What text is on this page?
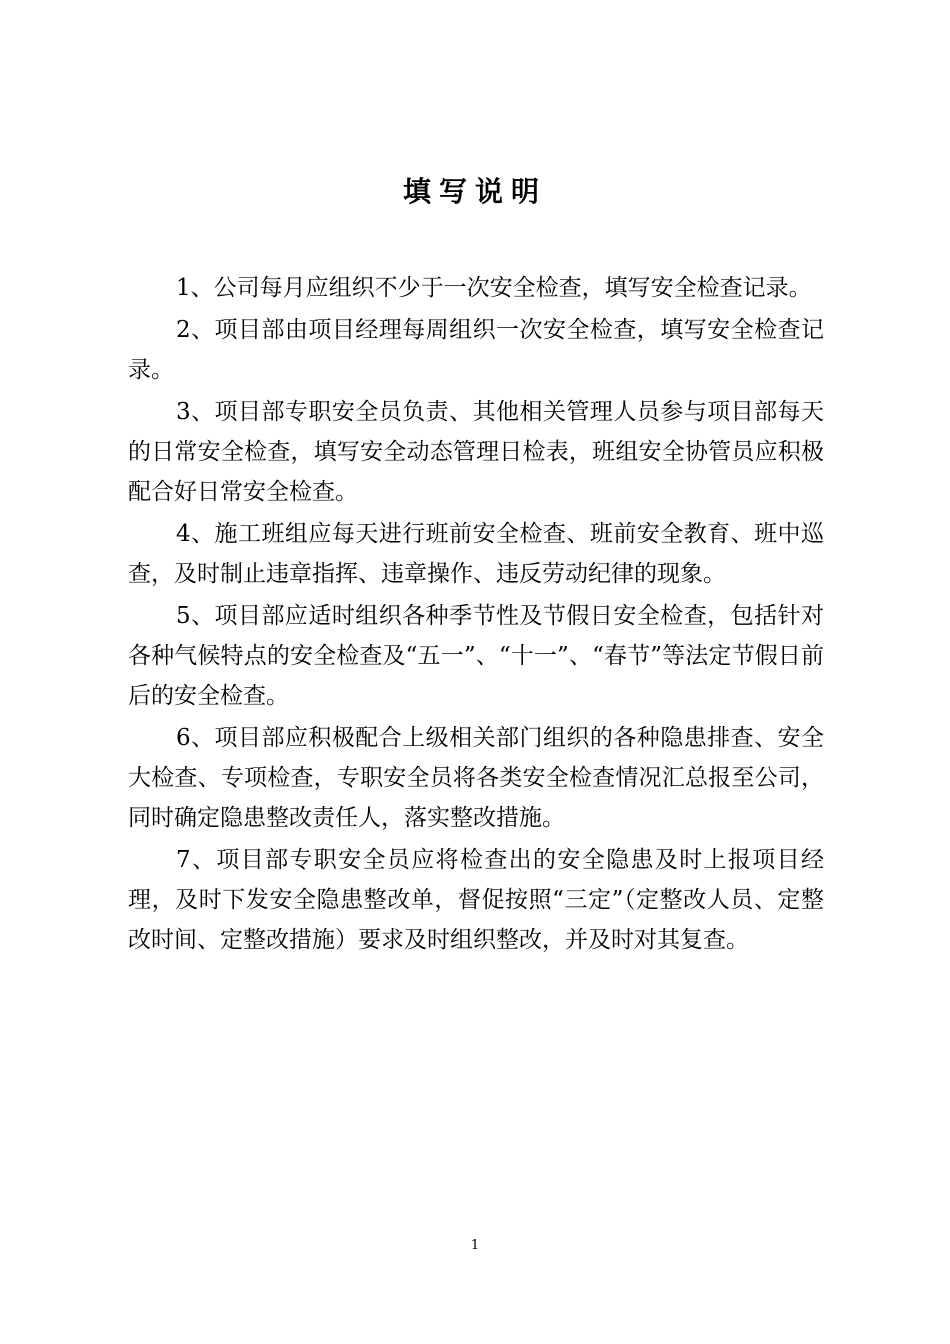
填写说明

1、公司每月应组织不少于一次安全检查，填写安全检查记录。

2、项目部由项目经理每周组织一次安全检查，填写安全检查记录。

3、项目部专职安全员负责、其他相关管理人员参与项目部每天的日常安全检查，填写安全动态管理日检表，班组安全协管员应积极配合好日常安全检查。

4、施工班组应每天进行班前安全检查、班前安全教育、班中巡查，及时制止违章指挥、违章操作、违反劳动纪律的现象。

5、项目部应适时组织各种季节性及节假日安全检查，包括针对各种气候特点的安全检查及“五一”、“十一”、“春节”等法定节假日前后的安全检查。

6、项目部应积极配合上级相关部门组织的各种隐患排查、安全大检查、专项检查，专职安全员将各类安全检查情况汇总报至公司，同时确定隐患整改责任人，落实整改措施。

7、项目部专职安全员应将检查出的安全隐患及时上报项目经理，及时下发安全隐患整改单，督促按照“三定”（定整改人员、定整改时间、定整改措施）要求及时组织整改，并及时对其复查。

1
